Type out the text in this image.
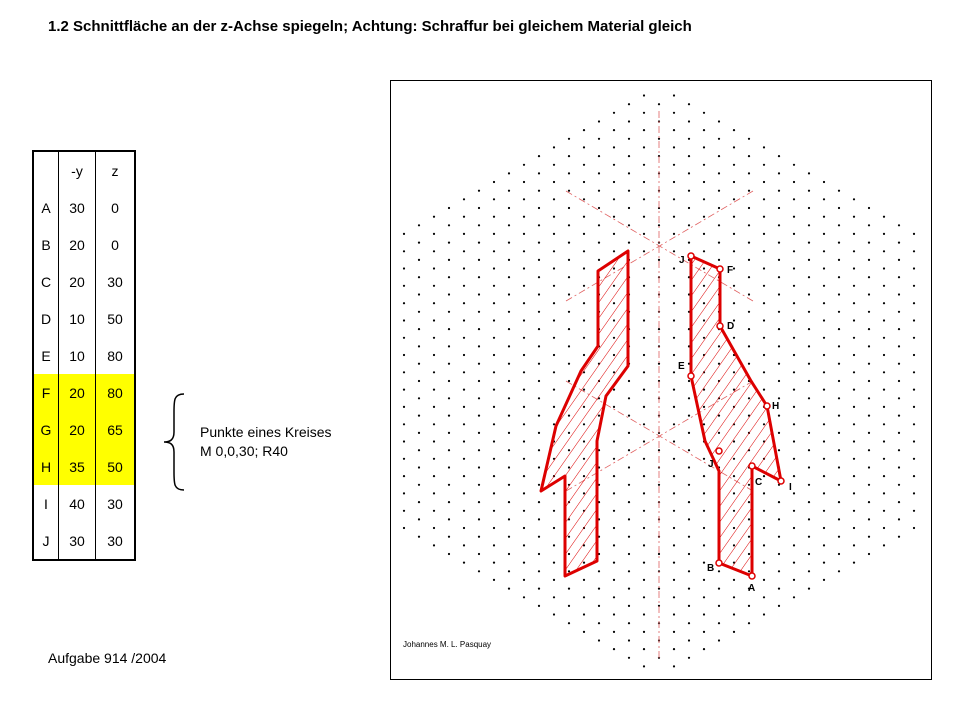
1.2 Schnittfläche an der z-Achse spiegeln; Achtung: Schraffur bei gleichem Material gleich
	-y	z
A	30	0
B	20	0
C	20	30
D	10	50
E	10	80
F	20	80
G	20	65
H	35	50
I	40	30
J	30	30
Punkte eines Kreises
M 0,0,30; R40
Aufgabe 914 /2004
J
F
D
E
H
J
C	I
B
A
Johannes M. L. Pasquay
